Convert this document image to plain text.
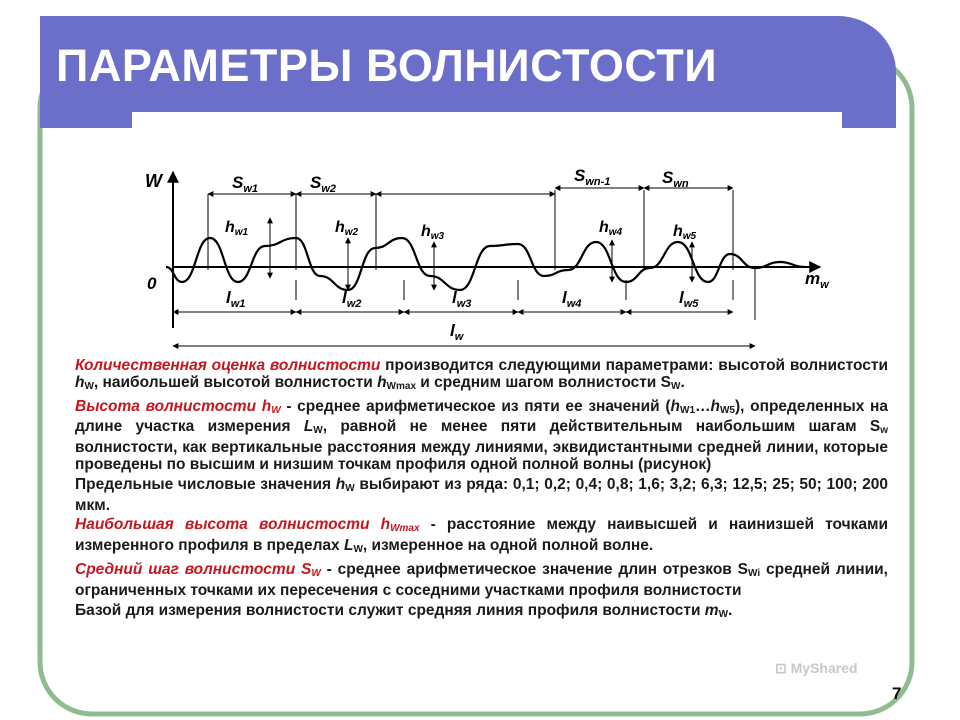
ПАРАМЕТРЫ ВОЛНИСТОСТИ
W
0	$m_w$
$S_{w1}$	$S_{w2}$
$S_wn-1$	$S_{wn}$
hw1	hw2	hw3
hw4	hw5
$l_{w1}$	$l_{w2}$	$l_{w3}$	$l_{w4}$	$l_{w5}$
$l_w$

Количественная оценка волнистости производится следующими параметрами: высотой волнистости $h_W$, наибольшей высотой волнистости $h_{Wmax}$ и средним шагом волнистости $S_W$.

Высота волнистости $h_W$ - среднее арифметическое из пяти ее значений $(h_{W1}\dots h_{W5})$, определенных на длине участка измерения $L_W$, равной не менее пяти действительным наибольшим шагам $S_w$ волнистости, как вертикальные расстояния между линиями, эквидистантными средней линии, которые проведены по высшим и низшим точкам профиля одной полной волны (рисунок)

Предельные числовые значения $h_W$ выбирают из ряда: 0,1; 0,2; 0,4; 0,8; 1,6; 3,2; 6,3; 12,5; 25; 50; 100; 200 мкм.

Наибольшая высота волнистости $h_{Wmax}$ - расстояние между наивысшей и наинизшей точками измеренного профиля в пределах $L_W$, измеренное на одной полной волне.

Средний шаг волнистости $S_W$ - среднее арифметическое значение длин отрезков $S_{Wi}$ средней линии, ограниченных точками их пересечения с соседними участками профиля волнистости

Базой для измерения волнистости служит средняя линия профиля волнистости $m_W$.

⊡ MyShared
7
